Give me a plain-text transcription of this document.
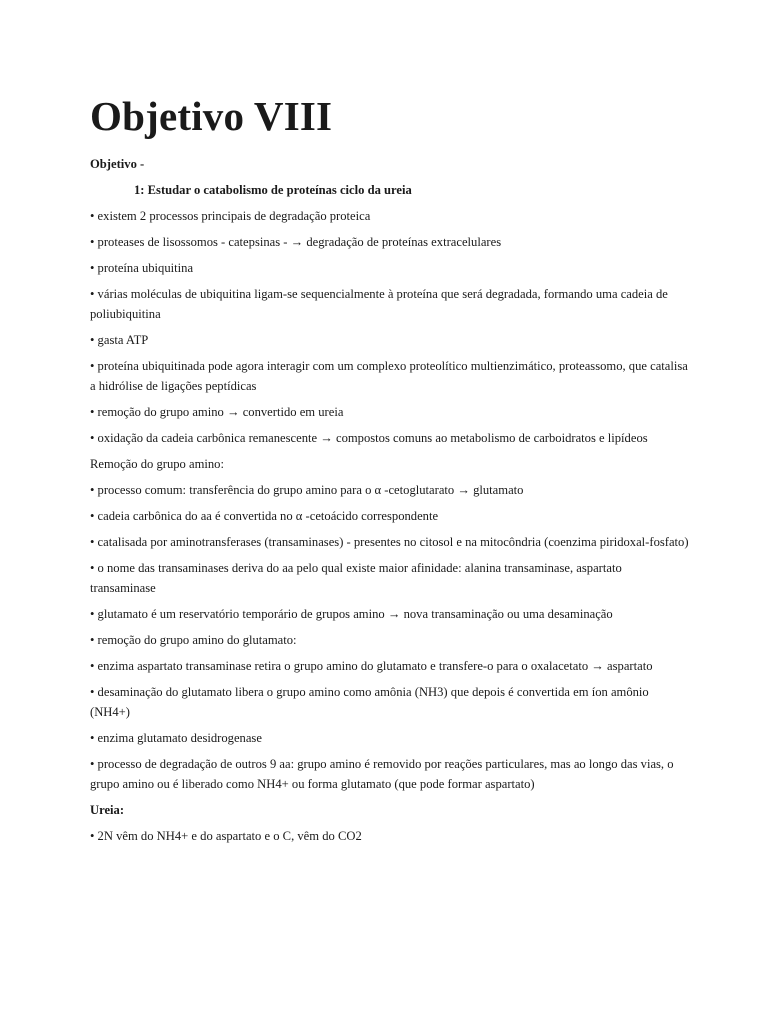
Objetivo VIII

Objetivo -

1: Estudar o catabolismo de proteínas ciclo da ureia

• existem 2 processos principais de degradação proteica

• proteases de lisossomos - catepsinas - → degradação de proteínas extracelulares

• proteína ubiquitina

• várias moléculas de ubiquitina ligam-se sequencialmente à proteína que será degradada, formando uma cadeia de poliubiquitina

• gasta ATP

• proteína ubiquitinada pode agora interagir com um complexo proteolítico multienzimático, proteassomo, que catalisa a hidrólise de ligações peptídicas

• remoção do grupo amino → convertido em ureia

• oxidação da cadeia carbônica remanescente → compostos comuns ao metabolismo de carboidratos e lipídeos

Remoção do grupo amino:

• processo comum: transferência do grupo amino para o α -cetoglutarato → glutamato

• cadeia carbônica do aa é convertida no α -cetoácido correspondente

• catalisada por aminotransferases (transaminases) - presentes no citosol e na mitocôndria (coenzima piridoxal-fosfato)

• o nome das transaminases deriva do aa pelo qual existe maior afinidade: alanina transaminase, aspartato transaminase

• glutamato é um reservatório temporário de grupos amino → nova transaminação ou uma desaminação

• remoção do grupo amino do glutamato:

• enzima aspartato transaminase retira o grupo amino do glutamato e transfere-o para o oxalacetato → aspartato

• desaminação do glutamato libera o grupo amino como amônia (NH3) que depois é convertida em íon amônio (NH4+)

• enzima glutamato desidrogenase

• processo de degradação de outros 9 aa: grupo amino é removido por reações particulares, mas ao longo das vias, o grupo amino ou é liberado como NH4+ ou forma glutamato (que pode formar aspartato)

Ureia:

• 2N vêm do NH4+ e do aspartato e o C, vêm do CO2
